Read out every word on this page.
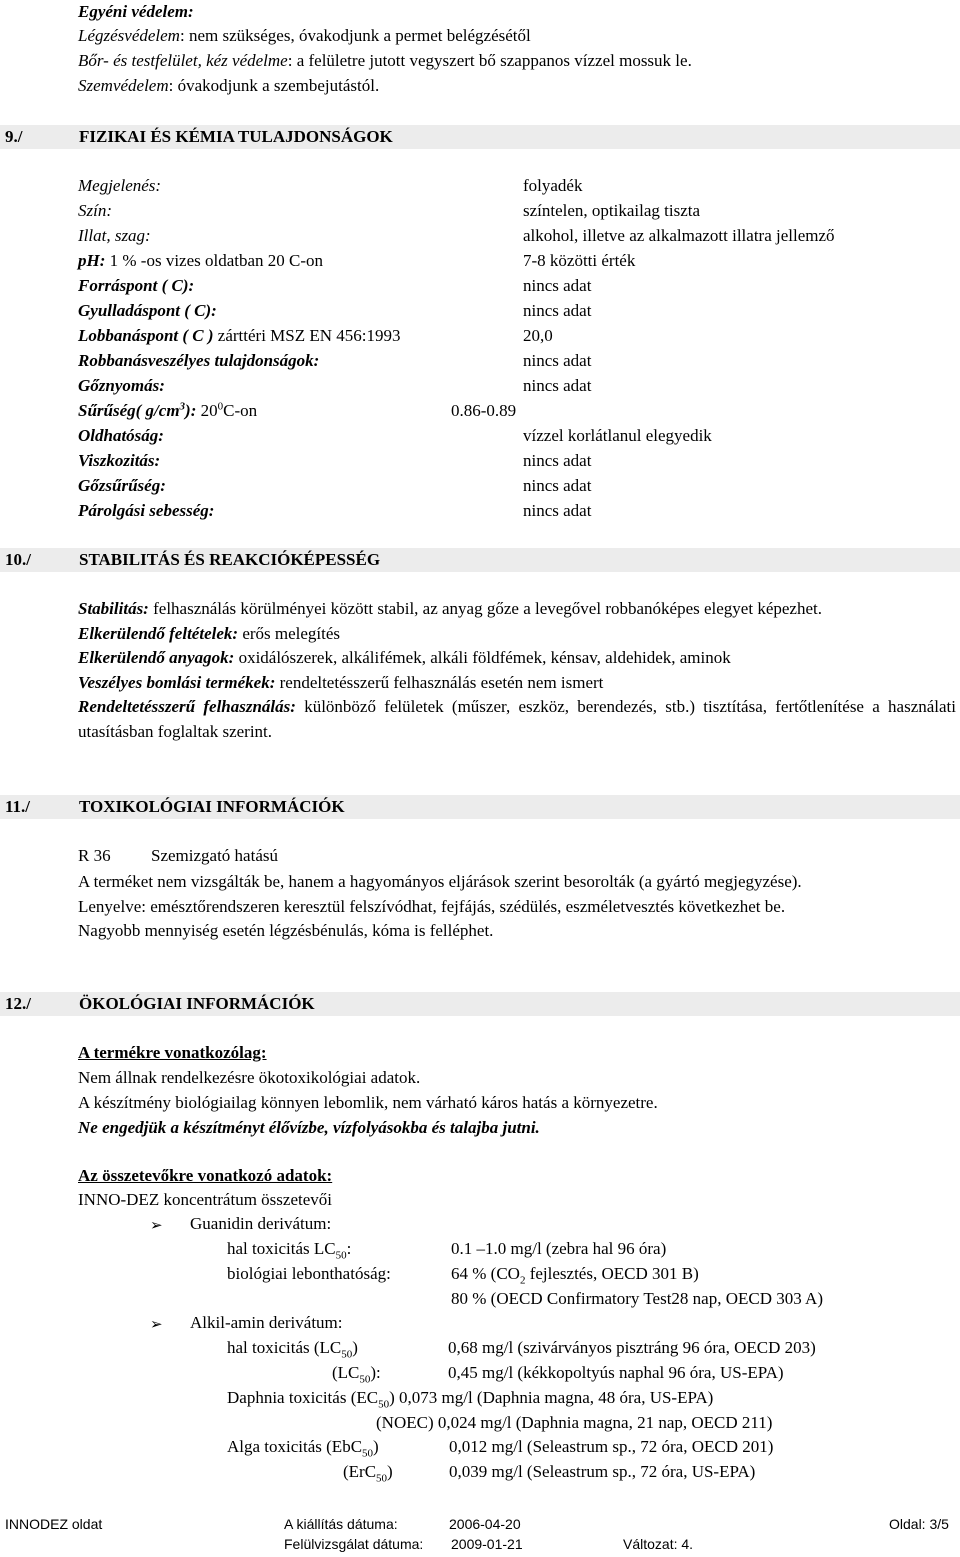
Egyéni védelem:
Légzésvédelem: nem szükséges, óvakodjunk a permet belégzésétől
Bőr- és testfelület, kéz védelme: a felületre jutott vegyszert bő szappanos vízzel mossuk le.
Szemvédelem: óvakodjunk a szembejutástól.
9./	FIZIKAI ÉS KÉMIA TULAJDONSÁGOK
Megjelenés:	folyadék
Szín:	színtelen, optikailag tiszta
Illat, szag:	alkohol, illetve az alkalmazott illatra jellemző
pH: 1 % -os vizes oldatban 20 C-on	7-8 közötti érték
Forráspont ( C):	nincs adat
Gyulladáspont ( C):	nincs adat
Lobbanáspont ( C ) zárttéri MSZ EN 456:1993	20,0
Robbanásveszélyes tulajdonságok:	nincs adat
Gőznyomás:	nincs adat
Sűrűség( $g/cm^3$): $20^0C-on$	0.86-0.89
Oldhatóság:	vízzel korlátlanul elegyedik
Viszkozitás:	nincs adat
Gőzsűrűség:	nincs adat
Párolgási sebesség:	nincs adat
10./	STABILITÁS ÉS REAKCIÓKÉPESSÉG
Stabilitás: felhasználás körülményei között stabil, az anyag gőze a levegővel robbanóképes elegyet képezhet.
Elkerülendő feltételek: erős melegítés
Elkerülendő anyagok: oxidálószerek, alkálifémek, alkáli földfémek, kénsav, aldehidek, aminok
Veszélyes bomlási termékek: rendeltetésszerű felhasználás esetén nem ismert
Rendeltetésszerű felhasználás: különböző felületek (műszer, eszköz, berendezés, stb.) tisztítása, fertőtlenítése a használati utasításban foglaltak szerint.
11./	TOXIKOLÓGIAI INFORMÁCIÓK
R 36 Szemizgató hatású
A terméket nem vizsgálták be, hanem a hagyományos eljárások szerint besorolták (a gyártó megjegyzése).
Lenyelve: emésztőrendszeren keresztül felszívódhat, fejfájás, szédülés, eszméletvesztés következhet be.
Nagyobb mennyiség esetén légzésbénulás, kóma is felléphet.
12./	ÖKOLÓGIAI INFORMÁCIÓK
A termékre vonatkozólag:
Nem állnak rendelkezésre ökotoxikológiai adatok.
A készítmény biológiailag könnyen lebomlik, nem várható káros hatás a környezetre.
Ne engedjük a készítményt élővízbe, vízfolyásokba és talajba jutni.
Az összetevőkre vonatkozó adatok:
INNO-DEZ koncentrátum összetevői
➢ Guanidin derivátum:
hal toxicitás $LC_{50}$:	0.1 –1.0 mg/l (zebra hal 96 óra)
biológiai lebonthatóság:	64 % ($CO_2$ fejlesztés, OECD 301 B)
80 % (OECD Confirmatory Test28 nap, OECD 303 A)
➢ Alkil-amin derivátum:
hal toxicitás $(LC_{50})$	0,68 mg/l (szivárványos pisztráng 96 óra, OECD 203)
$(LC_{50})$:	0,45 mg/l (kékkopoltyús naphal 96 óra, US-EPA)
Daphnia toxicitás $(EC_{50})$ 0,073 mg/l (Daphnia magna, 48 óra, US-EPA)
(NOEC) 0,024 mg/l (Daphnia magna, 21 nap, OECD 211)
Alga toxicitás (EbC$_{50}$)	0,012 mg/l (Seleastrum sp., 72 óra, OECD 201)
(ErC$_{50}$)	0,039 mg/l (Seleastrum sp., 72 óra, US-EPA)
INNODEZ oldat	A kiállítás dátuma:	2006-04-20	Oldal: 3/5
Felülvizsgálat dátuma: 2009-01-21	Változat: 4.
